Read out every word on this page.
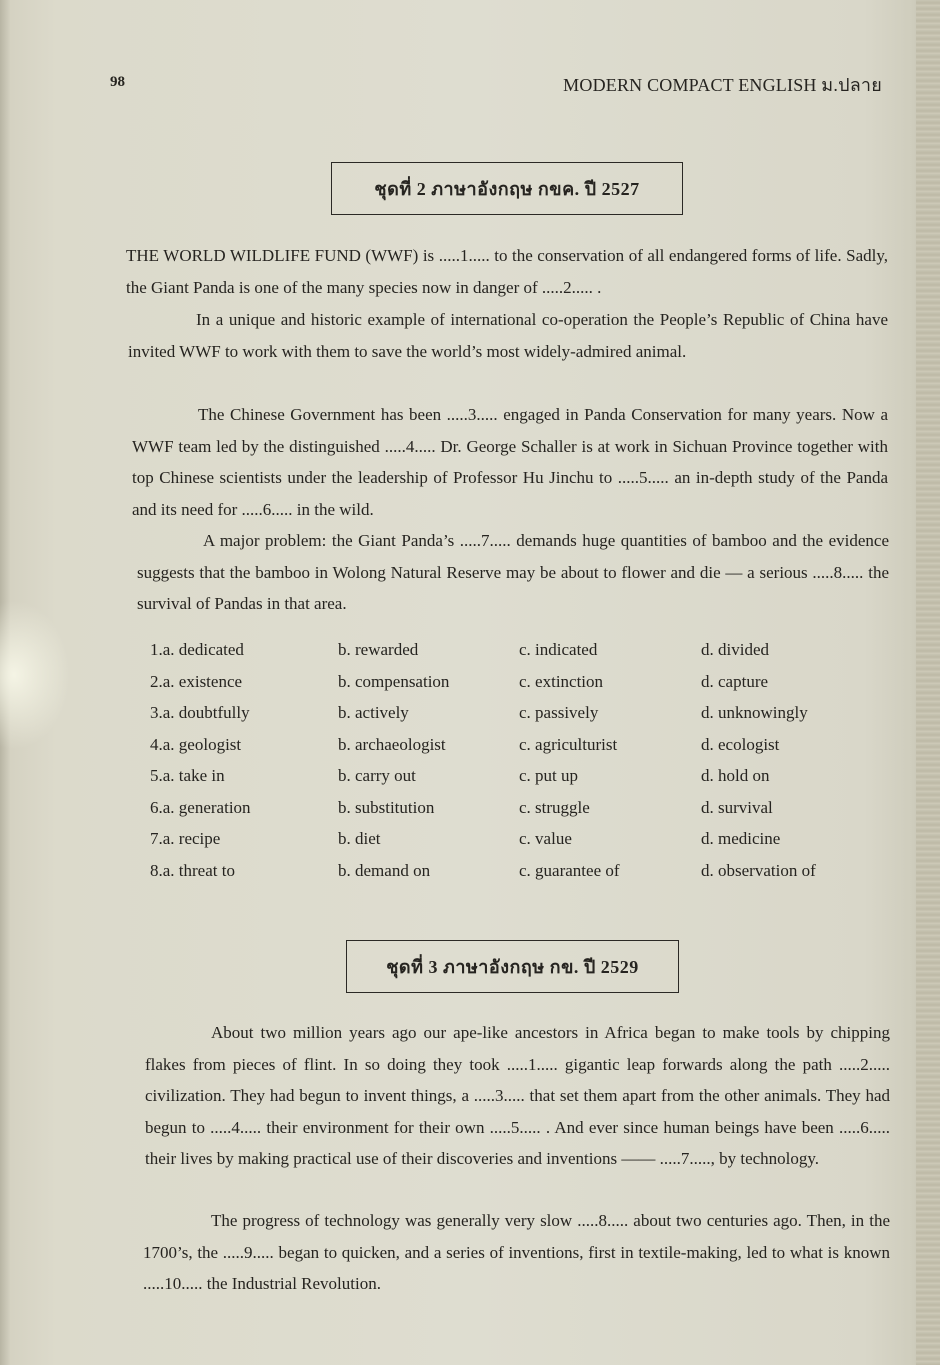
98	MODERN COMPACT ENGLISH ม.ปลาย
ชุดที่ 2 ภาษาอังกฤษ กขค. ปี 2527

THE WORLD WILDLIFE FUND (WWF) is .....1..... to the conservation of all endangered forms of life. Sadly, the Giant Panda is one of the many species now in danger of .....2..... .

In a unique and historic example of international co-operation the People’s Republic of China have invited WWF to work with them to save the world’s most widely-admired animal.

The Chinese Government has been .....3..... engaged in Panda Conservation for many years. Now a WWF team led by the distinguished .....4..... Dr. George Schaller is at work in Sichuan Province together with top Chinese scientists under the leadership of Professor Hu Jinchu to .....5..... an in-depth study of the Panda and its need for .....6..... in the wild.

A major problem: the Giant Panda’s .....7..... demands huge quantities of bamboo and the evidence suggests that the bamboo in Wolong Natural Reserve may be about to flower and die — a serious .....8..... the survival of Pandas in that area.

1.a. dedicated	b. rewarded	c. indicated	d. divided
2.a. existence	b. compensation	c. extinction	d. capture
3.a. doubtfully	b. actively	c. passively	d. unknowingly
4.a. geologist	b. archaeologist	c. agriculturist	d. ecologist
5.a. take in	b. carry out	c. put up	d. hold on
6.a. generation	b. substitution	c. struggle	d. survival
7.a. recipe	b. diet	c. value	d. medicine
8.a. threat to	b. demand on	c. guarantee of	d. observation of
ชุดที่ 3 ภาษาอังกฤษ กข. ปี 2529

About two million years ago our ape-like ancestors in Africa began to make tools by chipping flakes from pieces of flint. In so doing they took .....1..... gigantic leap forwards along the path .....2..... civilization. They had begun to invent things, a .....3..... that set them apart from the other animals. They had begun to .....4..... their environment for their own .....5..... . And ever since human beings have been .....6..... their lives by making practical use of their discoveries and inventions —— .....7....., by technology.

The progress of technology was generally very slow .....8..... about two centuries ago. Then, in the 1700’s, the .....9..... began to quicken, and a series of inventions, first in textile-making, led to what is known .....10..... the Industrial Revolution.
